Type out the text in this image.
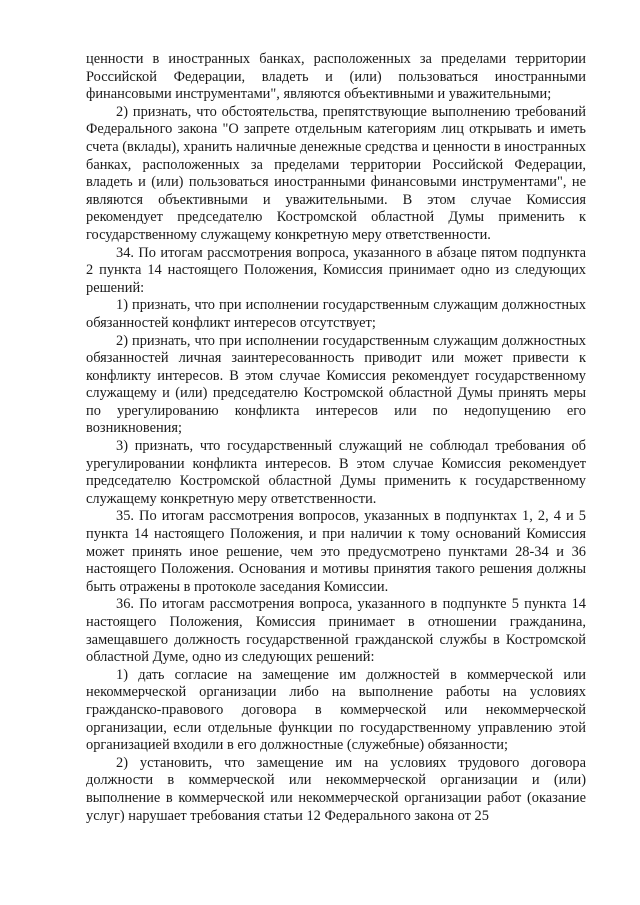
ценности в иностранных банках, расположенных за пределами территории Российской Федерации, владеть и (или) пользоваться иностранными финансовыми инструментами", являются объективными и уважительными;

2) признать, что обстоятельства, препятствующие выполнению требований Федерального закона "О запрете отдельным категориям лиц открывать и иметь счета (вклады), хранить наличные денежные средства и ценности в иностранных банках, расположенных за пределами территории Российской Федерации, владеть и (или) пользоваться иностранными финансовыми инструментами", не являются объективными и уважительными. В этом случае Комиссия рекомендует председателю Костромской областной Думы применить к государственному служащему конкретную меру ответственности.

34. По итогам рассмотрения вопроса, указанного в абзаце пятом подпункта 2 пункта 14 настоящего Положения, Комиссия принимает одно из следующих решений:

1) признать, что при исполнении государственным служащим должностных обязанностей конфликт интересов отсутствует;

2) признать, что при исполнении государственным служащим должностных обязанностей личная заинтересованность приводит или может привести к конфликту интересов. В этом случае Комиссия рекомендует государственному служащему и (или) председателю Костромской областной Думы принять меры по урегулированию конфликта интересов или по недопущению его возникновения;

3) признать, что государственный служащий не соблюдал требования об урегулировании конфликта интересов. В этом случае Комиссия рекомендует председателю Костромской областной Думы применить к государственному служащему конкретную меру ответственности.

35. По итогам рассмотрения вопросов, указанных в подпунктах 1, 2, 4 и 5 пункта 14 настоящего Положения, и при наличии к тому оснований Комиссия может принять иное решение, чем это предусмотрено пунктами 28-34 и 36 настоящего Положения. Основания и мотивы принятия такого решения должны быть отражены в протоколе заседания Комиссии.

36. По итогам рассмотрения вопроса, указанного в подпункте 5 пункта 14 настоящего Положения, Комиссия принимает в отношении гражданина, замещавшего должность государственной гражданской службы в Костромской областной Думе, одно из следующих решений:

1) дать согласие на замещение им должностей в коммерческой или некоммерческой организации либо на выполнение работы на условиях гражданско-правового договора в коммерческой или некоммерческой организации, если отдельные функции по государственному управлению этой организацией входили в его должностные (служебные) обязанности;

2) установить, что замещение им на условиях трудового договора должности в коммерческой или некоммерческой организации и (или) выполнение в коммерческой или некоммерческой организации работ (оказание услуг) нарушает требования статьи 12 Федерального закона от 25
